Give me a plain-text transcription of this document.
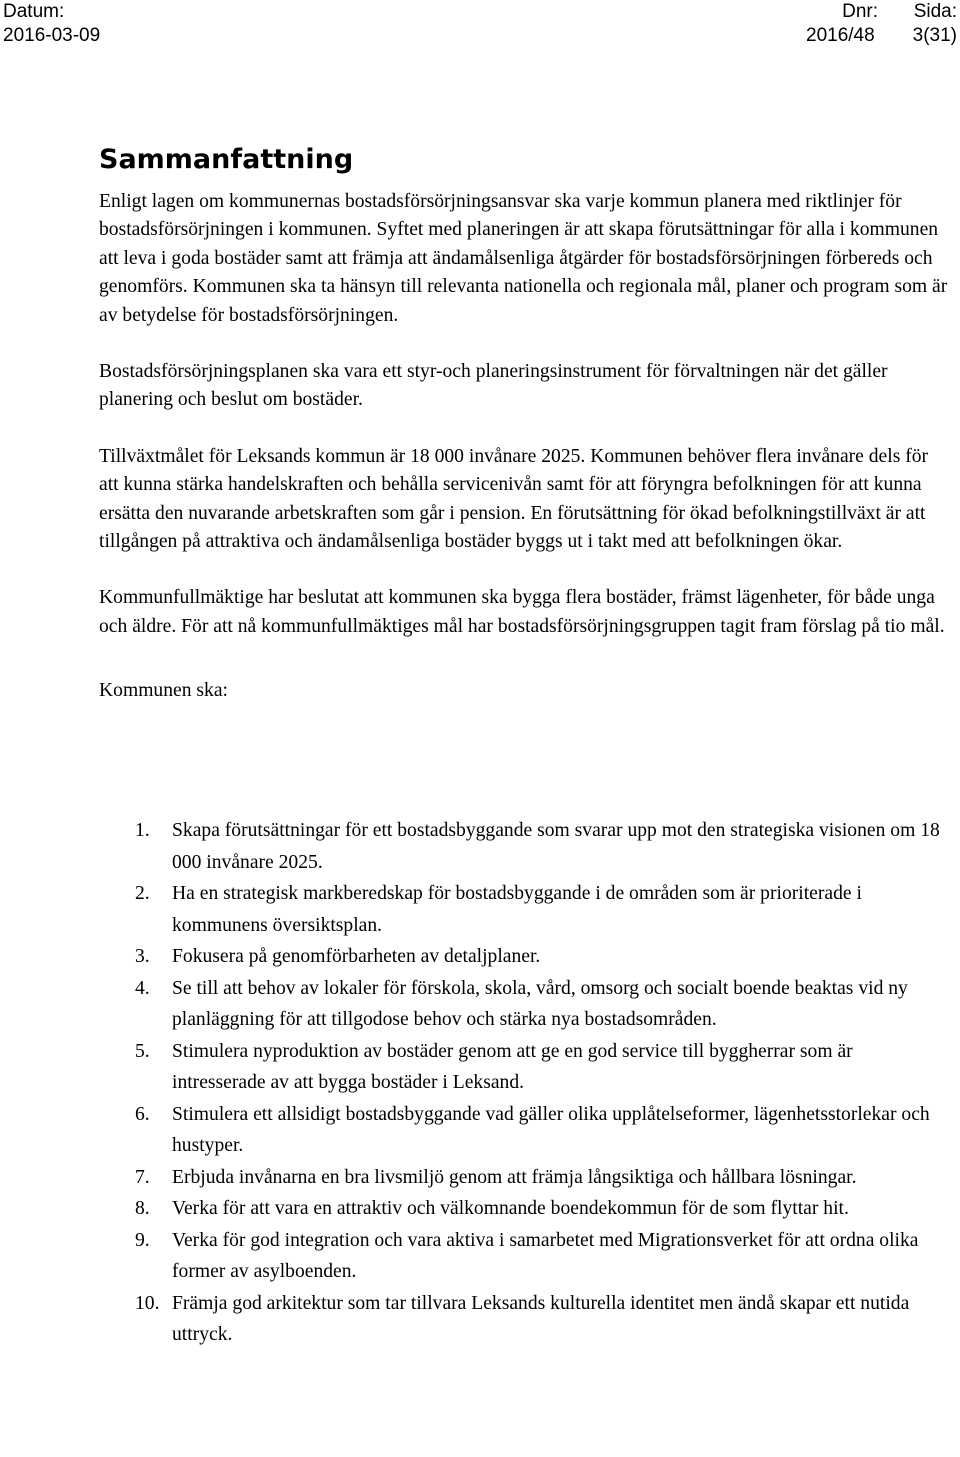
Datum:
2016-03-09
Dnr:
2016/48
Sida:
3(31)
Sammanfattning

Enligt lagen om kommunernas bostadsförsörjningsansvar ska varje kommun planera med riktlinjer för bostadsförsörjningen i kommunen. Syftet med planeringen är att skapa förutsättningar för alla i kommunen att leva i goda bostäder samt att främja att ändamålsenliga åtgärder för bostadsförsörjningen förbereds och genomförs. Kommunen ska ta hänsyn till relevanta nationella och regionala mål, planer och program som är av betydelse för bostadsförsörjningen.

Bostadsförsörjningsplanen ska vara ett styr-och planeringsinstrument för förvaltningen när det gäller planering och beslut om bostäder.

Tillväxtmålet för Leksands kommun är 18 000 invånare 2025. Kommunen behöver flera invånare dels för att kunna stärka handelskraften och behålla servicenivån samt för att föryngra befolkningen för att kunna ersätta den nuvarande arbetskraften som går i pension. En förutsättning för ökad befolkningstillväxt är att tillgången på attraktiva och ändamålsenliga bostäder byggs ut i takt med att befolkningen ökar.

Kommunfullmäktige har beslutat att kommunen ska bygga flera bostäder, främst lägenheter, för både unga och äldre. För att nå kommunfullmäktiges mål har bostadsförsörjningsgruppen tagit fram förslag på tio mål.

Kommunen ska:

1. Skapa förutsättningar för ett bostadsbyggande som svarar upp mot den strategiska visionen om 18 000 invånare 2025.
2. Ha en strategisk markberedskap för bostadsbyggande i de områden som är prioriterade i kommunens översiktsplan.
3. Fokusera på genomförbarheten av detaljplaner.
4. Se till att behov av lokaler för förskola, skola, vård, omsorg och socialt boende beaktas vid ny planläggning för att tillgodose behov och stärka nya bostadsområden.
5. Stimulera nyproduktion av bostäder genom att ge en god service till byggherrar som är intresserade av att bygga bostäder i Leksand.
6. Stimulera ett allsidigt bostadsbyggande vad gäller olika upplåtelseformer, lägenhetsstorlekar och hustyper.
7. Erbjuda invånarna en bra livsmiljö genom att främja långsiktiga och hållbara lösningar.
8. Verka för att vara en attraktiv och välkomnande boendekommun för de som flyttar hit.
9. Verka för god integration och vara aktiva i samarbetet med Migrationsverket för att ordna olika former av asylboenden.
10. Främja god arkitektur som tar tillvara Leksands kulturella identitet men ändå skapar ett nutida uttryck.
